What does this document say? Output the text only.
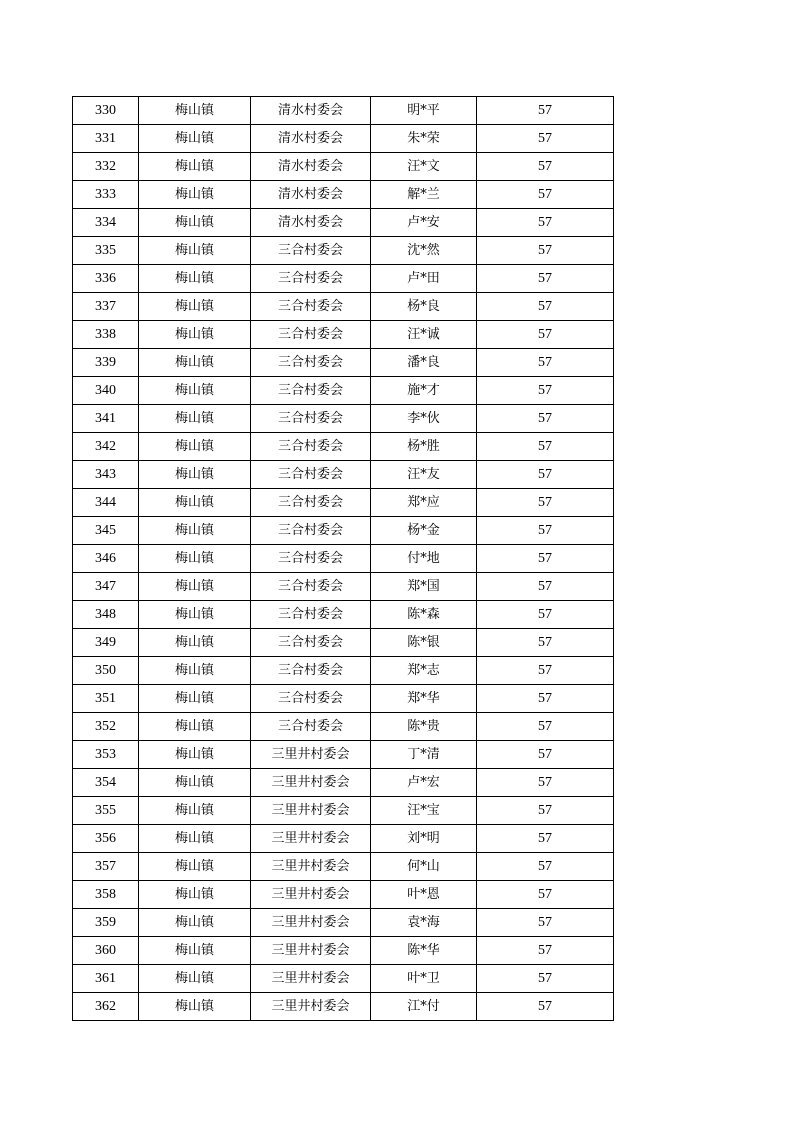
330	梅山镇	清水村委会	明*平	57
331	梅山镇	清水村委会	朱*荣	57
332	梅山镇	清水村委会	汪*文	57
333	梅山镇	清水村委会	解*兰	57
334	梅山镇	清水村委会	卢*安	57
335	梅山镇	三合村委会	沈*然	57
336	梅山镇	三合村委会	卢*田	57
337	梅山镇	三合村委会	杨*良	57
338	梅山镇	三合村委会	汪*诚	57
339	梅山镇	三合村委会	潘*良	57
340	梅山镇	三合村委会	施*才	57
341	梅山镇	三合村委会	李*伙	57
342	梅山镇	三合村委会	杨*胜	57
343	梅山镇	三合村委会	汪*友	57
344	梅山镇	三合村委会	郑*应	57
345	梅山镇	三合村委会	杨*金	57
346	梅山镇	三合村委会	付*地	57
347	梅山镇	三合村委会	郑*国	57
348	梅山镇	三合村委会	陈*森	57
349	梅山镇	三合村委会	陈*银	57
350	梅山镇	三合村委会	郑*志	57
351	梅山镇	三合村委会	郑*华	57
352	梅山镇	三合村委会	陈*贵	57
353	梅山镇	三里井村委会	丁*清	57
354	梅山镇	三里井村委会	卢*宏	57
355	梅山镇	三里井村委会	汪*宝	57
356	梅山镇	三里井村委会	刘*明	57
357	梅山镇	三里井村委会	何*山	57
358	梅山镇	三里井村委会	叶*恩	57
359	梅山镇	三里井村委会	袁*海	57
360	梅山镇	三里井村委会	陈*华	57
361	梅山镇	三里井村委会	叶*卫	57
362	梅山镇	三里井村委会	江*付	57
